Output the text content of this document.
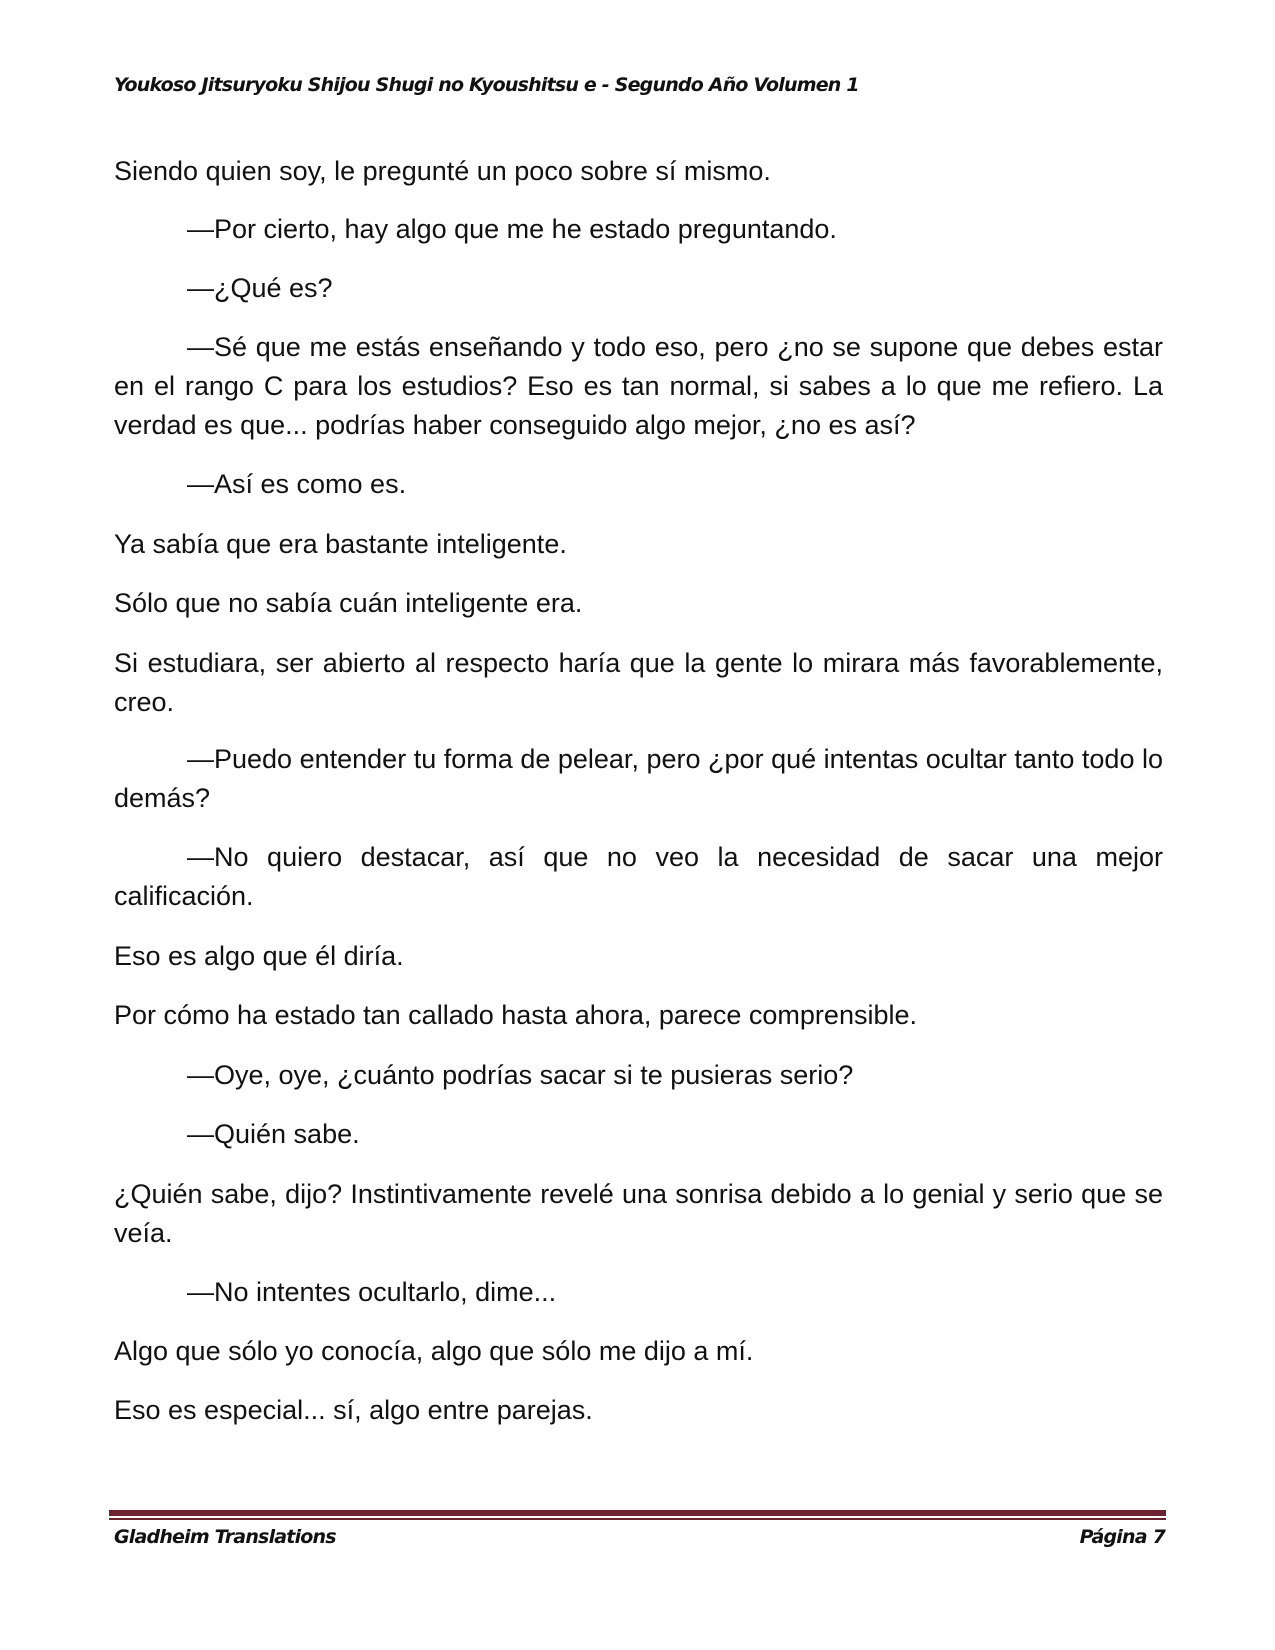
Youkoso Jitsuryoku Shijou Shugi no Kyoushitsu e - Segundo Año Volumen 1

Siendo quien soy, le pregunté un poco sobre sí mismo.

—Por cierto, hay algo que me he estado preguntando.

—¿Qué es?

—Sé que me estás enseñando y todo eso, pero ¿no se supone que debes estar en el rango C para los estudios? Eso es tan normal, si sabes a lo que me refiero. La verdad es que... podrías haber conseguido algo mejor, ¿no es así?

—Así es como es.

Ya sabía que era bastante inteligente.

Sólo que no sabía cuán inteligente era.

Si estudiara, ser abierto al respecto haría que la gente lo mirara más favorablemente, creo.

—Puedo entender tu forma de pelear, pero ¿por qué intentas ocultar tanto todo lo demás?

—No quiero destacar, así que no veo la necesidad de sacar una mejor calificación.

Eso es algo que él diría.

Por cómo ha estado tan callado hasta ahora, parece comprensible.

—Oye, oye, ¿cuánto podrías sacar si te pusieras serio?

—Quién sabe.

¿Quién sabe, dijo? Instintivamente revelé una sonrisa debido a lo genial y serio que se veía.

—No intentes ocultarlo, dime...

Algo que sólo yo conocía, algo que sólo me dijo a mí.

Eso es especial... sí, algo entre parejas.

Gladheim Translations	Página 7
